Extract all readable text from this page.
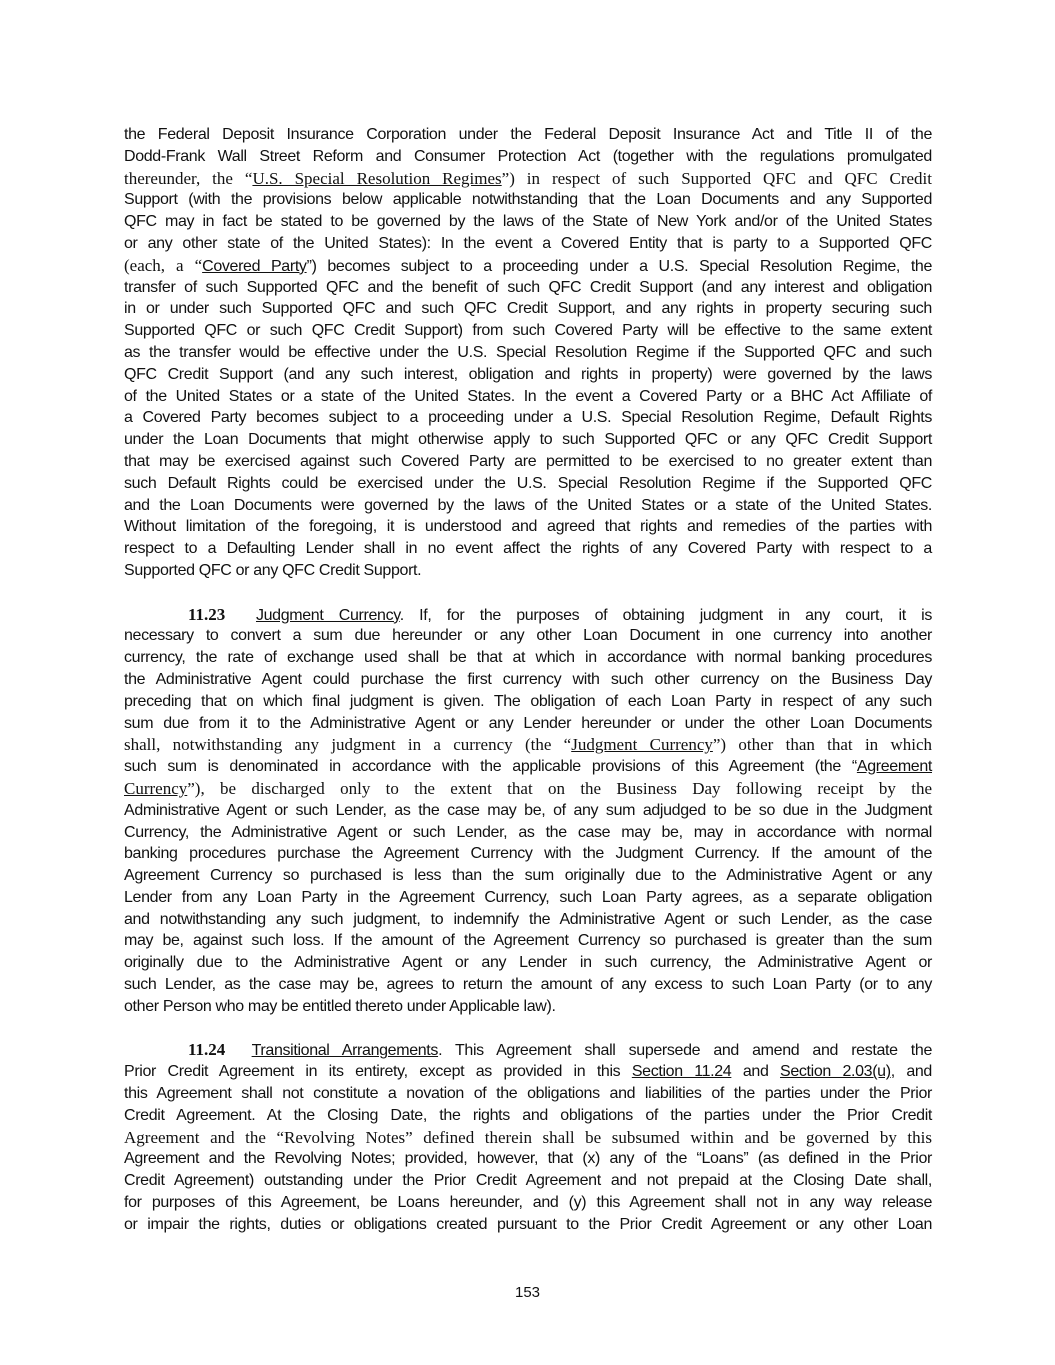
the Federal Deposit Insurance Corporation under the Federal Deposit Insurance Act and Title II of the
Dodd-Frank Wall Street Reform and Consumer Protection Act (together with the regulations promulgated
thereunder, the “U.S. Special Resolution Regimes”) in respect of such Supported QFC and QFC Credit
Support (with the provisions below applicable notwithstanding that the Loan Documents and any Supported
QFC may in fact be stated to be governed by the laws of the State of New York and/or of the United States
or any other state of the United States): In the event a Covered Entity that is party to a Supported QFC
(each, a “Covered Party”) becomes subject to a proceeding under a U.S. Special Resolution Regime, the
transfer of such Supported QFC and the benefit of such QFC Credit Support (and any interest and obligation
in or under such Supported QFC and such QFC Credit Support, and any rights in property securing such
Supported QFC or such QFC Credit Support) from such Covered Party will be effective to the same extent
as the transfer would be effective under the U.S. Special Resolution Regime if the Supported QFC and such
QFC Credit Support (and any such interest, obligation and rights in property) were governed by the laws
of the United States or a state of the United States. In the event a Covered Party or a BHC Act Affiliate of
a Covered Party becomes subject to a proceeding under a U.S. Special Resolution Regime, Default Rights
under the Loan Documents that might otherwise apply to such Supported QFC or any QFC Credit Support
that may be exercised against such Covered Party are permitted to be exercised to no greater extent than
such Default Rights could be exercised under the U.S. Special Resolution Regime if the Supported QFC
and the Loan Documents were governed by the laws of the United States or a state of the United States.
Without limitation of the foregoing, it is understood and agreed that rights and remedies of the parties with
respect to a Defaulting Lender shall in no event affect the rights of any Covered Party with respect to a
Supported QFC or any QFC Credit Support.
11.23 Judgment Currency. If, for the purposes of obtaining judgment in any court, it is
necessary to convert a sum due hereunder or any other Loan Document in one currency into another
currency, the rate of exchange used shall be that at which in accordance with normal banking procedures
the Administrative Agent could purchase the first currency with such other currency on the Business Day
preceding that on which final judgment is given. The obligation of each Loan Party in respect of any such
sum due from it to the Administrative Agent or any Lender hereunder or under the other Loan Documents
shall, notwithstanding any judgment in a currency (the “Judgment Currency”) other than that in which
such sum is denominated in accordance with the applicable provisions of this Agreement (the “Agreement
Currency”), be discharged only to the extent that on the Business Day following receipt by the
Administrative Agent or such Lender, as the case may be, of any sum adjudged to be so due in the Judgment
Currency, the Administrative Agent or such Lender, as the case may be, may in accordance with normal
banking procedures purchase the Agreement Currency with the Judgment Currency. If the amount of the
Agreement Currency so purchased is less than the sum originally due to the Administrative Agent or any
Lender from any Loan Party in the Agreement Currency, such Loan Party agrees, as a separate obligation
and notwithstanding any such judgment, to indemnify the Administrative Agent or such Lender, as the case
may be, against such loss. If the amount of the Agreement Currency so purchased is greater than the sum
originally due to the Administrative Agent or any Lender in such currency, the Administrative Agent or
such Lender, as the case may be, agrees to return the amount of any excess to such Loan Party (or to any
other Person who may be entitled thereto under Applicable law).
11.24 Transitional Arrangements. This Agreement shall supersede and amend and restate the
Prior Credit Agreement in its entirety, except as provided in this Section 11.24 and Section 2.03(u), and
this Agreement shall not constitute a novation of the obligations and liabilities of the parties under the Prior
Credit Agreement. At the Closing Date, the rights and obligations of the parties under the Prior Credit
Agreement and the “Revolving Notes” defined therein shall be subsumed within and be governed by this
Agreement and the Revolving Notes; provided, however, that (x) any of the “Loans” (as defined in the Prior
Credit Agreement) outstanding under the Prior Credit Agreement and not prepaid at the Closing Date shall,
for purposes of this Agreement, be Loans hereunder, and (y) this Agreement shall not in any way release
or impair the rights, duties or obligations created pursuant to the Prior Credit Agreement or any other Loan
153
